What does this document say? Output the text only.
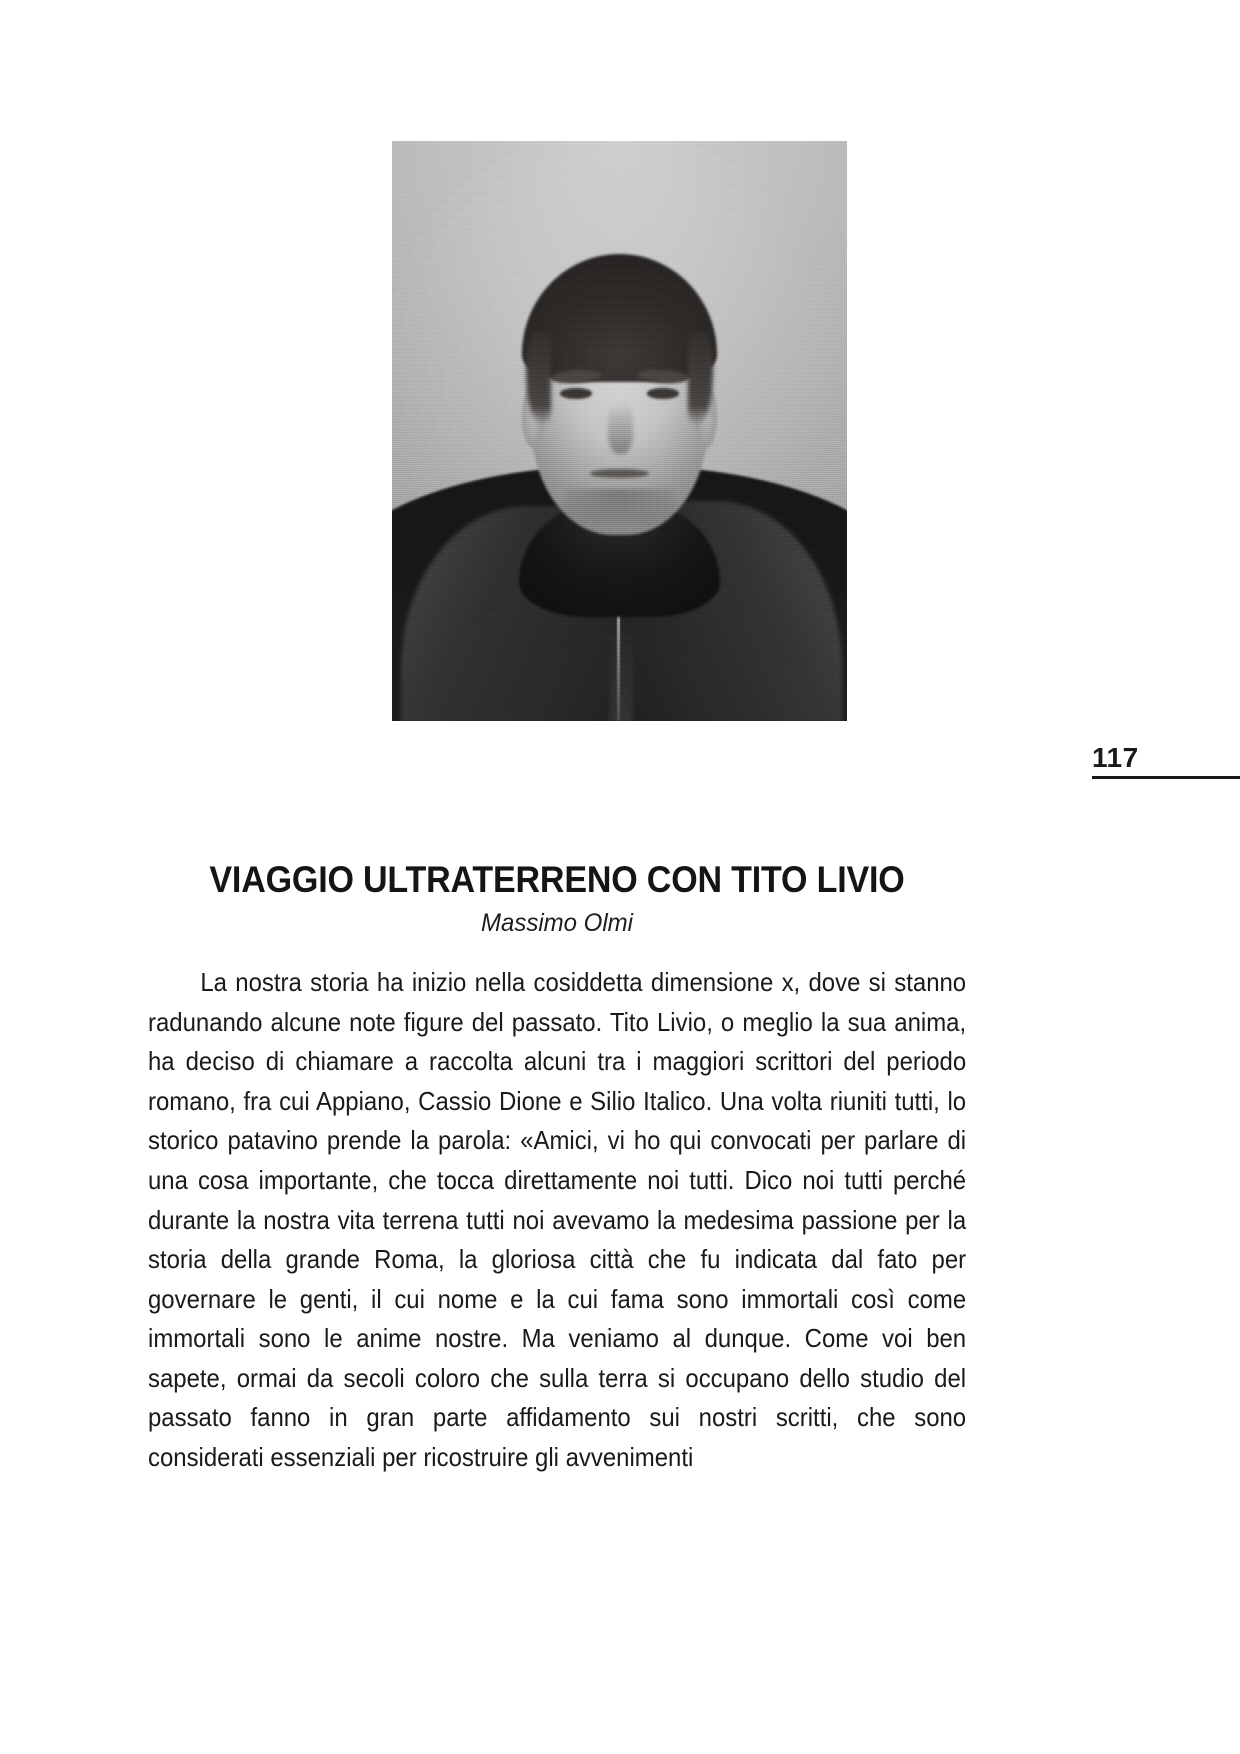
117
VIAGGIO ULTRATERRENO CON TITO LIVIO
Massimo Olmi

La nostra storia ha inizio nella cosiddetta dimensione x, dove si stanno radunando alcune note figure del passato. Tito Livio, o meglio la sua anima, ha deciso di chiamare a raccolta alcuni tra i maggiori scrittori del periodo romano, fra cui Appiano, Cassio Dione e Silio Italico. Una volta riuniti tutti, lo storico patavino prende la parola: «Amici, vi ho qui convocati per parlare di una cosa importante, che tocca direttamente noi tutti. Dico noi tutti perché durante la nostra vita terrena tutti noi avevamo la medesima passione per la storia della grande Roma, la gloriosa città che fu indicata dal fato per governare le genti, il cui nome e la cui fama sono immortali così come immortali sono le anime nostre. Ma veniamo al dunque. Come voi ben sapete, ormai da secoli coloro che sulla terra si occupano dello studio del passato fanno in gran parte affidamento sui nostri scritti, che sono considerati essenziali per ricostruire gli avvenimenti
